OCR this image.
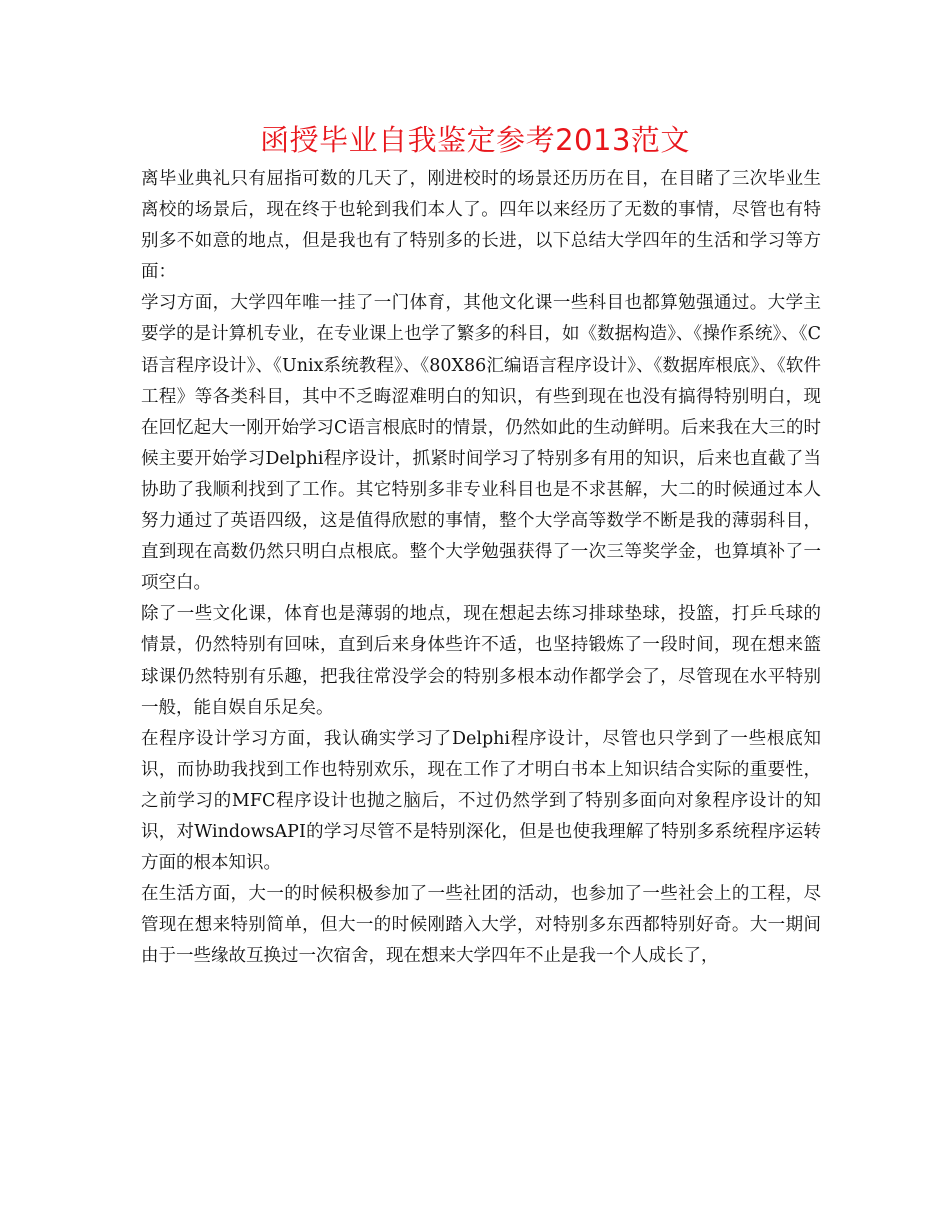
函授毕业自我鉴定参考2013范文

离毕业典礼只有屈指可数的几天了，刚进校时的场景还历历在目，在目睹了三次毕业生离校的场景后，现在终于也轮到我们本人了。四年以来经历了无数的事情，尽管也有特别多不如意的地点，但是我也有了特别多的长进，以下总结大学四年的生活和学习等方面：

学习方面，大学四年唯一挂了一门体育，其他文化课一些科目也都算勉强通过。大学主要学的是计算机专业，在专业课上也学了繁多的科目，如《数据构造》、《操作系统》、《C语言程序设计》、《Unix系统教程》、《80X86汇编语言程序设计》、《数据库根底》、《软件工程》等各类科目，其中不乏晦涩难明白的知识，有些到现在也没有搞得特别明白，现在回忆起大一刚开始学习C语言根底时的情景，仍然如此的生动鲜明。后来我在大三的时候主要开始学习Delphi程序设计，抓紧时间学习了特别多有用的知识，后来也直截了当协助了我顺利找到了工作。其它特别多非专业科目也是不求甚解，大二的时候通过本人努力通过了英语四级，这是值得欣慰的事情，整个大学高等数学不断是我的薄弱科目，直到现在高数仍然只明白点根底。整个大学勉强获得了一次三等奖学金，也算填补了一项空白。

除了一些文化课，体育也是薄弱的地点，现在想起去练习排球垫球，投篮，打乒乓球的情景，仍然特别有回味，直到后来身体些许不适，也坚持锻炼了一段时间，现在想来篮球课仍然特别有乐趣，把我往常没学会的特别多根本动作都学会了，尽管现在水平特别一般，能自娱自乐足矣。

在程序设计学习方面，我认确实学习了Delphi程序设计，尽管也只学到了一些根底知识，而协助我找到工作也特别欢乐，现在工作了才明白书本上知识结合实际的重要性，之前学习的MFC程序设计也抛之脑后，不过仍然学到了特别多面向对象程序设计的知识，对WindowsAPI的学习尽管不是特别深化，但是也使我理解了特别多系统程序运转方面的根本知识。

在生活方面，大一的时候积极参加了一些社团的活动，也参加了一些社会上的工程，尽管现在想来特别简单，但大一的时候刚踏入大学，对特别多东西都特别好奇。大一期间由于一些缘故互换过一次宿舍，现在想来大学四年不止是我一个人成长了，
